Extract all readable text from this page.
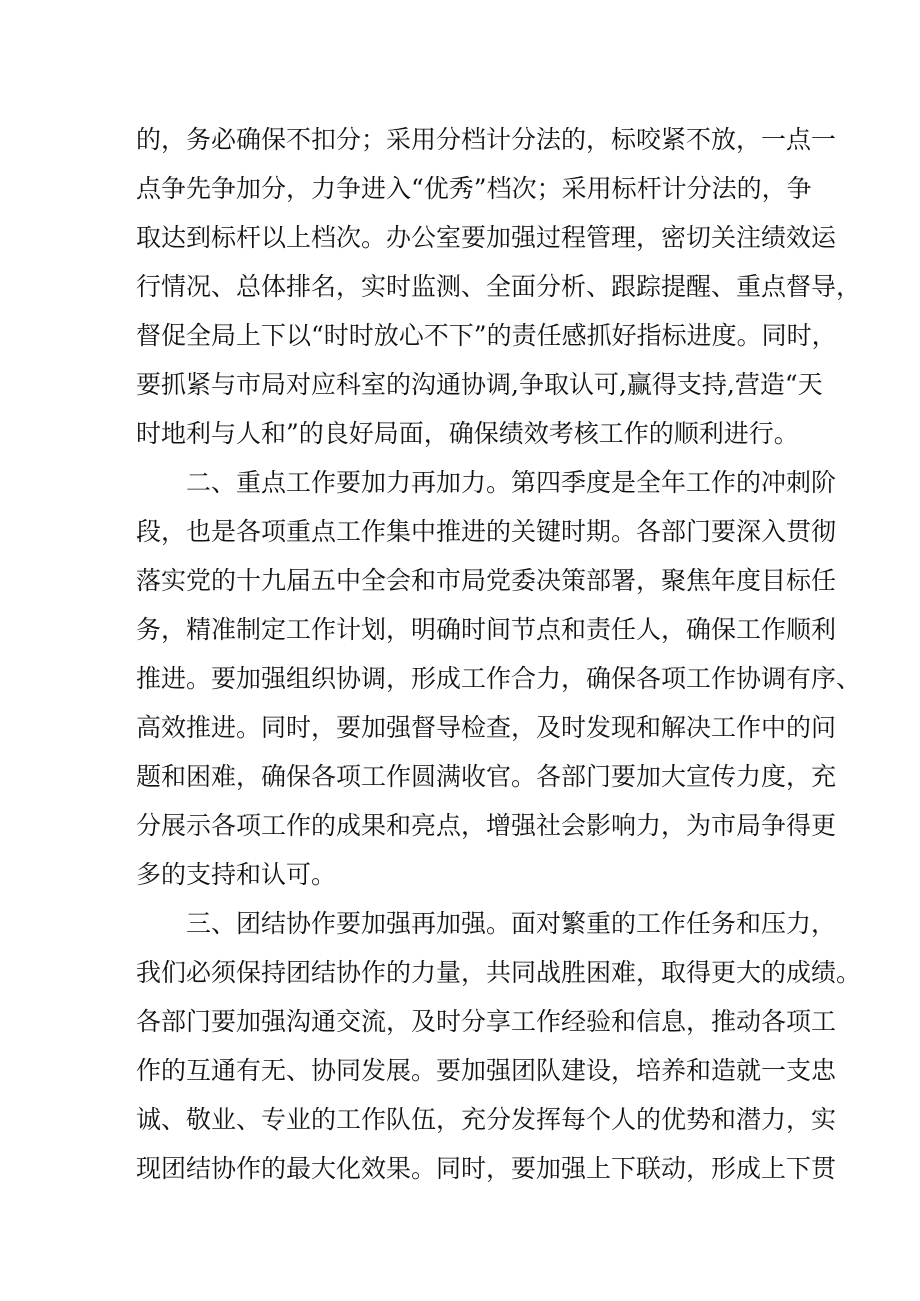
的，务必确保不扣分；采用分档计分法的，标咬紧不放，一点一
点争先争加分，力争进入“优秀”档次；采用标杆计分法的，争
取达到标杆以上档次。办公室要加强过程管理，密切关注绩效运
行情况、总体排名，实时监测、全面分析、跟踪提醒、重点督导，
督促全局上下以“时时放心不下”的责任感抓好指标进度。同时，
要抓紧与市局对应科室的沟通协调,争取认可,赢得支持,营造“天
时地利与人和”的良好局面，确保绩效考核工作的顺利进行。
二、重点工作要加力再加力。第四季度是全年工作的冲刺阶
段，也是各项重点工作集中推进的关键时期。各部门要深入贯彻
落实党的十九届五中全会和市局党委决策部署，聚焦年度目标任
务，精准制定工作计划，明确时间节点和责任人，确保工作顺利
推进。要加强组织协调，形成工作合力，确保各项工作协调有序、
高效推进。同时，要加强督导检查，及时发现和解决工作中的问
题和困难，确保各项工作圆满收官。各部门要加大宣传力度，充
分展示各项工作的成果和亮点，增强社会影响力，为市局争得更
多的支持和认可。
三、团结协作要加强再加强。面对繁重的工作任务和压力，
我们必须保持团结协作的力量，共同战胜困难，取得更大的成绩。
各部门要加强沟通交流，及时分享工作经验和信息，推动各项工
作的互通有无、协同发展。要加强团队建设，培养和造就一支忠
诚、敬业、专业的工作队伍，充分发挥每个人的优势和潜力，实
现团结协作的最大化效果。同时，要加强上下联动，形成上下贯
